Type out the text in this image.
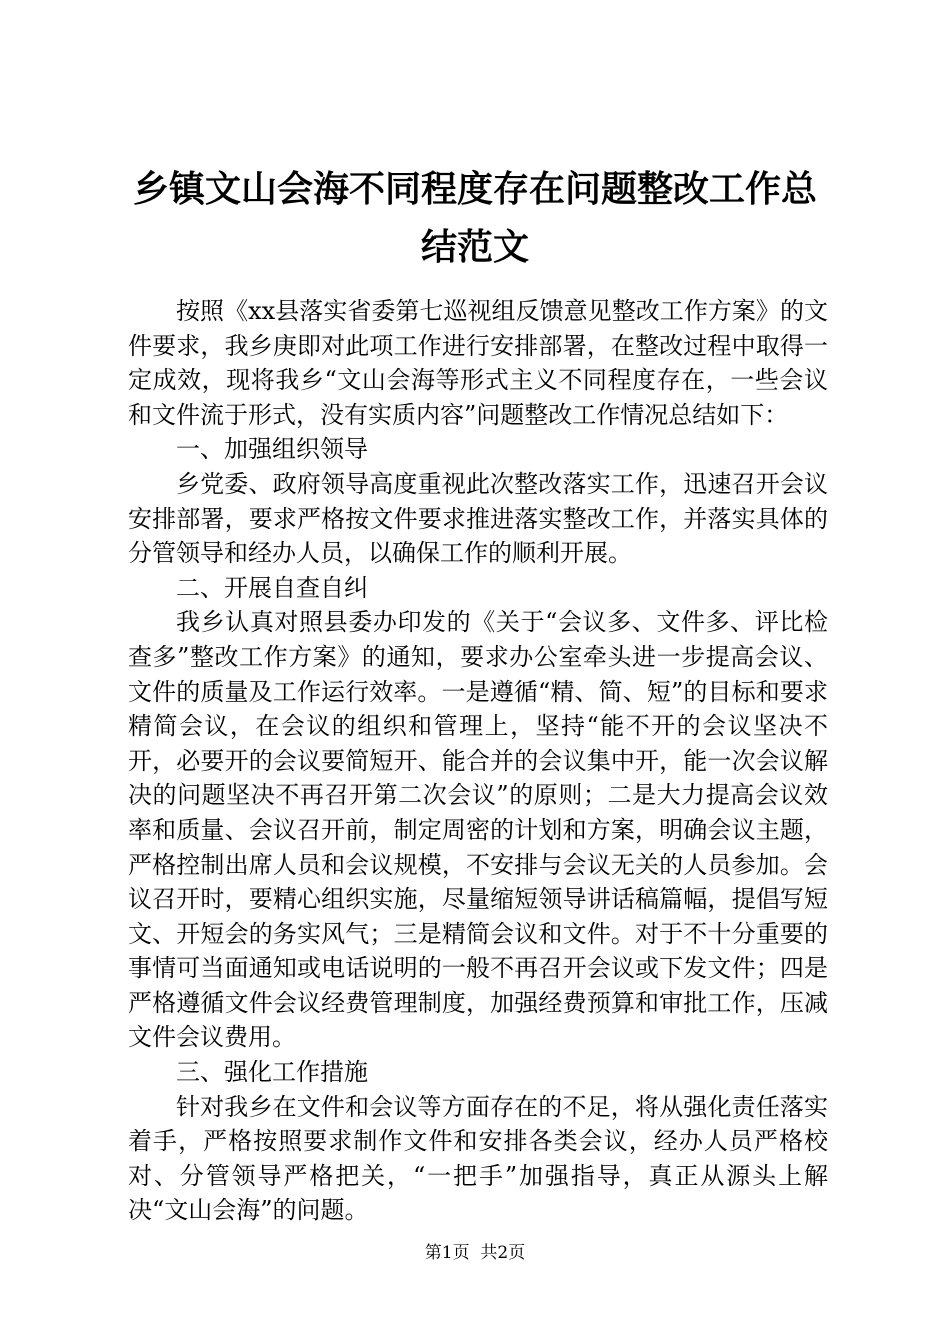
乡镇文山会海不同程度存在问题整改工作总结范文

按照《xx县落实省委第七巡视组反馈意见整改工作方案》的文件要求，我乡庚即对此项工作进行安排部署，在整改过程中取得一定成效，现将我乡“文山会海等形式主义不同程度存在，一些会议和文件流于形式，没有实质内容”问题整改工作情况总结如下：

一、加强组织领导

乡党委、政府领导高度重视此次整改落实工作，迅速召开会议安排部署，要求严格按文件要求推进落实整改工作，并落实具体的分管领导和经办人员，以确保工作的顺利开展。

二、开展自查自纠

我乡认真对照县委办印发的《关于“会议多、文件多、评比检查多”整改工作方案》的通知，要求办公室牵头进一步提高会议、文件的质量及工作运行效率。一是遵循“精、简、短”的目标和要求精简会议，在会议的组织和管理上，坚持“能不开的会议坚决不开，必要开的会议要简短开、能合并的会议集中开，能一次会议解决的问题坚决不再召开第二次会议”的原则；二是大力提高会议效率和质量、会议召开前，制定周密的计划和方案，明确会议主题，严格控制出席人员和会议规模，不安排与会议无关的人员参加。会议召开时，要精心组织实施，尽量缩短领导讲话稿篇幅，提倡写短文、开短会的务实风气；三是精简会议和文件。对于不十分重要的事情可当面通知或电话说明的一般不再召开会议或下发文件；四是严格遵循文件会议经费管理制度，加强经费预算和审批工作，压减文件会议费用。

三、强化工作措施

针对我乡在文件和会议等方面存在的不足，将从强化责任落实着手，严格按照要求制作文件和安排各类会议，经办人员严格校对、分管领导严格把关，“一把手”加强指导，真正从源头上解决“文山会海”的问题。

第1页  共2页
